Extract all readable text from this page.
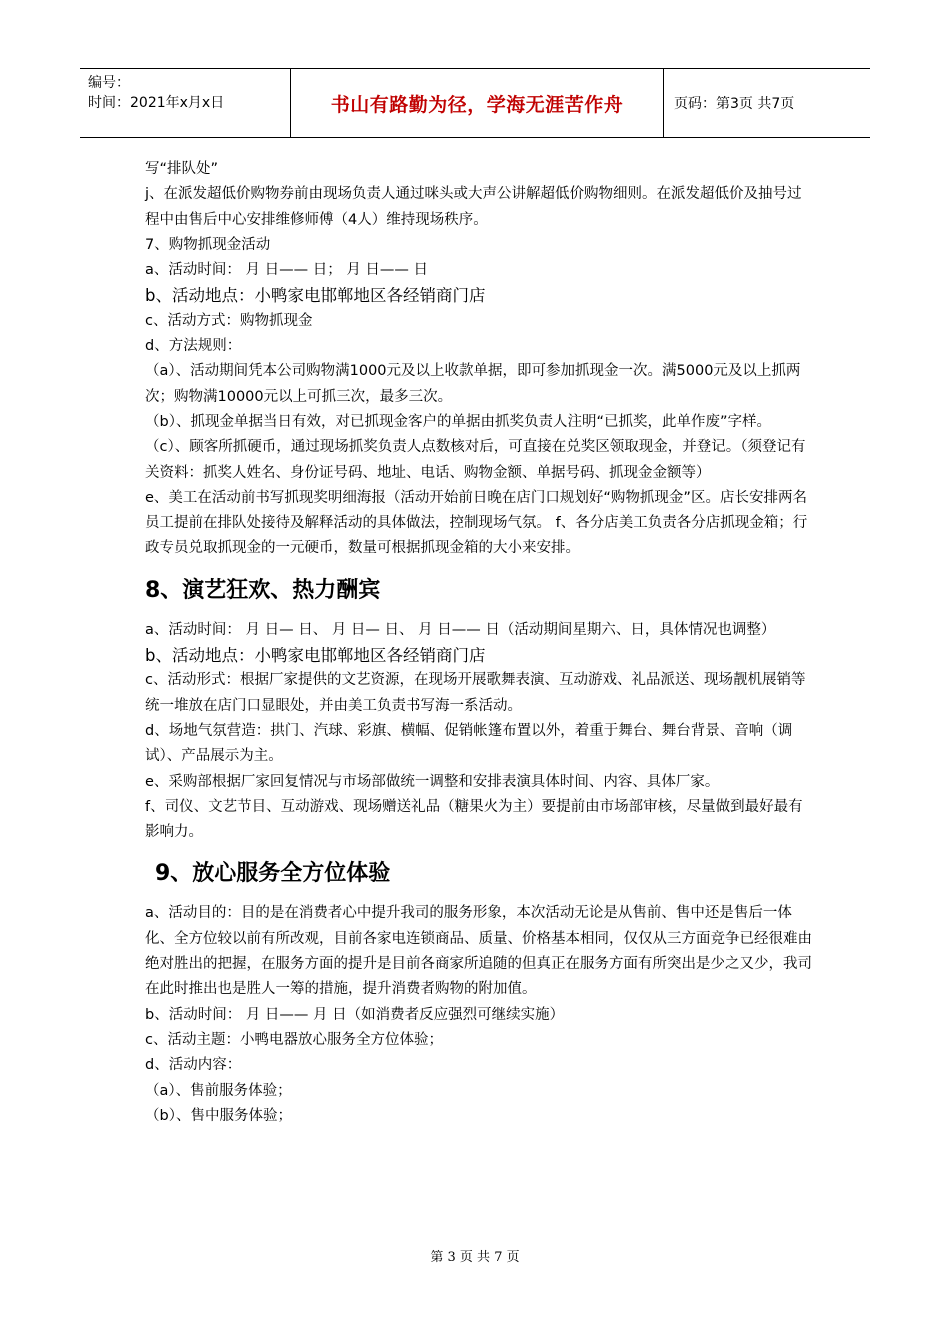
编号：
时间：2021年x月x日	书山有路勤为径，学海无涯苦作舟	页码：第3页 共7页

写“排队处”

j、在派发超低价购物券前由现场负责人通过咪头或大声公讲解超低价购物细则。在派发超低价及抽号过程中由售后中心安排维修师傅（4人）维持现场秩序。

7、购物抓现金活动

a、活动时间： 月 日—— 日； 月 日—— 日

b、活动地点：小鸭家电邯郸地区各经销商门店

c、活动方式：购物抓现金

d、方法规则：

（a）、活动期间凭本公司购物满1000元及以上收款单据，即可参加抓现金一次。满5000元及以上抓两次；购物满10000元以上可抓三次，最多三次。

（b）、抓现金单据当日有效，对已抓现金客户的单据由抓奖负责人注明“已抓奖，此单作废”字样。

（c）、顾客所抓硬币，通过现场抓奖负责人点数核对后，可直接在兑奖区领取现金，并登记。（须登记有关资料：抓奖人姓名、身份证号码、地址、电话、购物金额、单据号码、抓现金金额等）

e、美工在活动前书写抓现奖明细海报（活动开始前日晚在店门口规划好“购物抓现金”区。店长安排两名员工提前在排队处接待及解释活动的具体做法，控制现场气氛。 f、各分店美工负责各分店抓现金箱；行政专员兑取抓现金的一元硬币，数量可根据抓现金箱的大小来安排。

8、演艺狂欢、热力酬宾

a、活动时间： 月 日— 日、 月 日— 日、 月 日—— 日（活动期间星期六、日，具体情况也调整）

b、活动地点：小鸭家电邯郸地区各经销商门店

c、活动形式：根据厂家提供的文艺资源，在现场开展歌舞表演、互动游戏、礼品派送、现场靓机展销等统一堆放在店门口显眼处，并由美工负责书写海一系活动。

d、场地气氛营造：拱门、汽球、彩旗、横幅、促销帐篷布置以外，着重于舞台、舞台背景、音响（调试）、产品展示为主。

e、采购部根据厂家回复情况与市场部做统一调整和安排表演具体时间、内容、具体厂家。

f、司仪、文艺节目、互动游戏、现场赠送礼品（糖果火为主）要提前由市场部审核，尽量做到最好最有影响力。

9、放心服务全方位体验

a、活动目的：目的是在消费者心中提升我司的服务形象，本次活动无论是从售前、售中还是售后一体化、全方位较以前有所改观，目前各家电连锁商品、质量、价格基本相同，仅仅从三方面竞争已经很难由绝对胜出的把握，在服务方面的提升是目前各商家所追随的但真正在服务方面有所突出是少之又少，我司在此时推出也是胜人一筹的措施，提升消费者购物的附加值。

b、活动时间： 月 日—— 月 日（如消费者反应强烈可继续实施）

c、活动主题：小鸭电器放心服务全方位体验；

d、活动内容：

（a）、售前服务体验；

（b）、售中服务体验；

第 3 页 共 7 页
